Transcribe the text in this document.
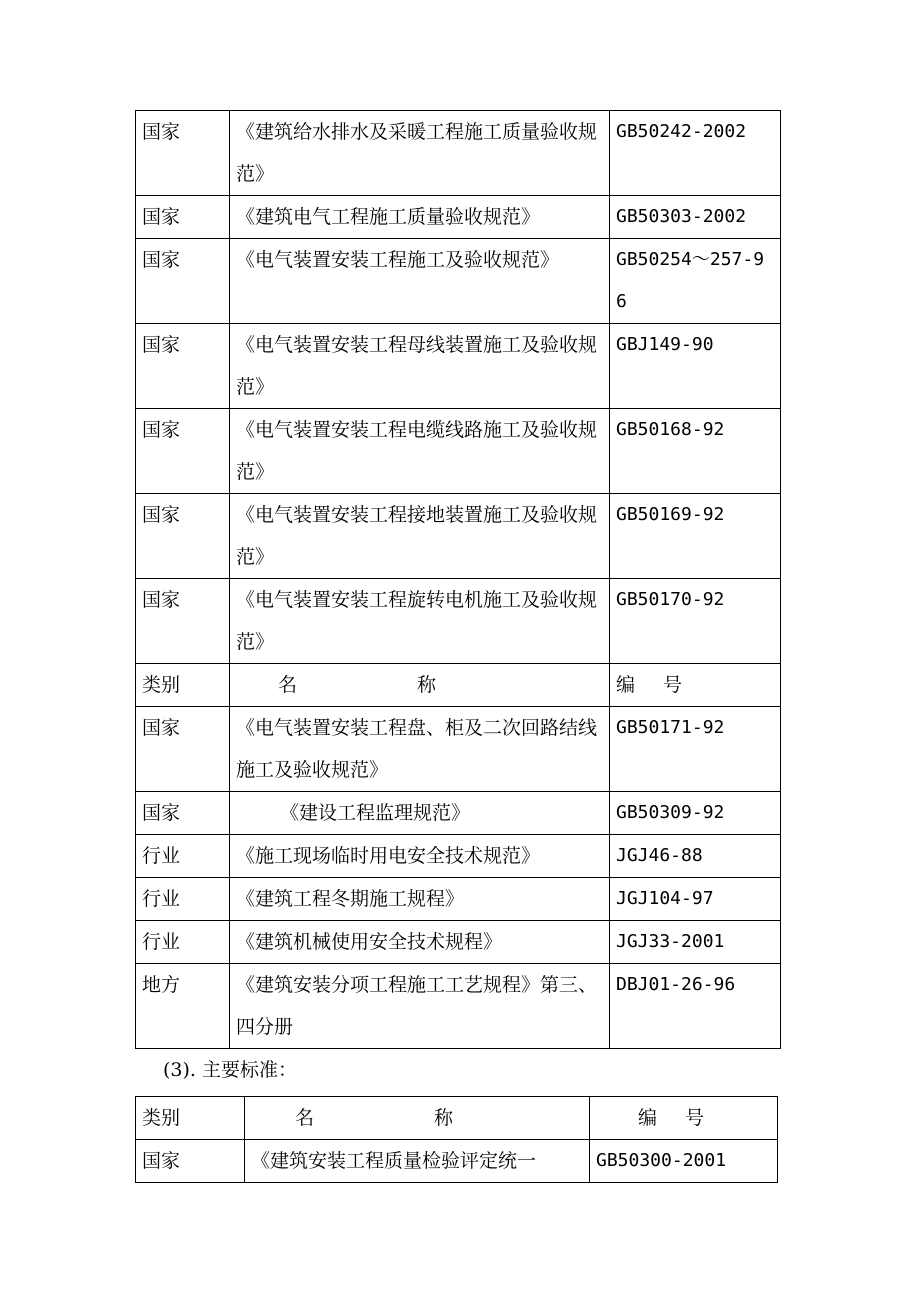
国家	《建筑给水排水及采暖工程施工质量验收规范》	GB50242-2002
国家	《建筑电气工程施工质量验收规范》	GB50303-2002
国家	《电气装置安装工程施工及验收规范》	GB50254～257-96
国家	《电气装置安装工程母线装置施工及验收规范》	GBJ149-90
国家	《电气装置安装工程电缆线路施工及验收规范》	GB50168-92
国家	《电气装置安装工程接地装置施工及验收规范》	GB50169-92
国家	《电气装置安装工程旋转电机施工及验收规范》	GB50170-92
类别	名 称	编 号
国家	《电气装置安装工程盘、柜及二次回路结线施工及验收规范》	GB50171-92
国家	《建设工程监理规范》	GB50309-92
行业	《施工现场临时用电安全技术规范》	JGJ46-88
行业	《建筑工程冬期施工规程》	JGJ104-97
行业	《建筑机械使用安全技术规程》	JGJ33-2001
地方	《建筑安装分项工程施工工艺规程》第三、四分册	DBJ01-26-96
(3). 主要标准：
类别	名 称	编 号
国家	《建筑安装工程质量检验评定统一	GB50300-2001
